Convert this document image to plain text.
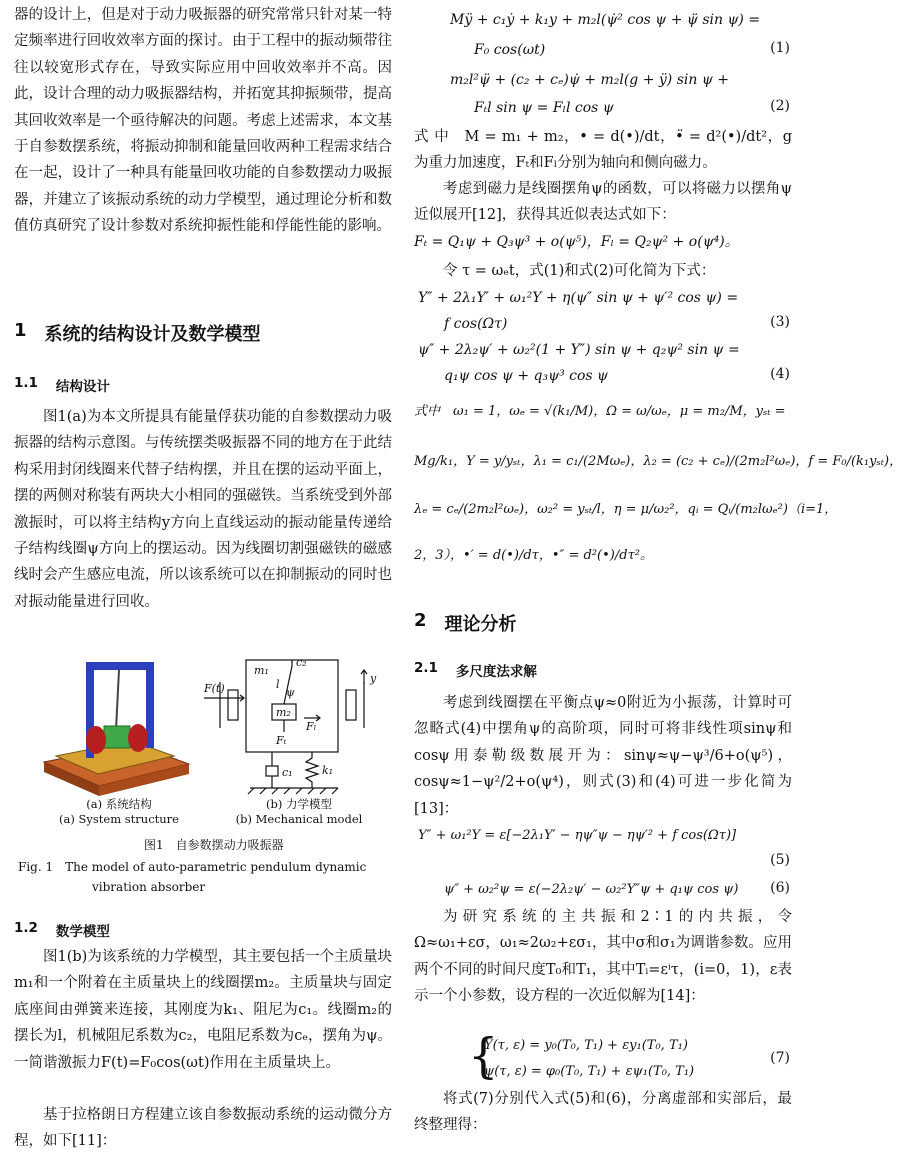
器的设计上，但是对于动力吸振器的研究常常只针对某一特定频率进行回收效率方面的探讨。由于工程中的振动频带往往以较宽形式存在，导致实际应用中回收效率并不高。因此，设计合理的动力吸振器结构，并拓宽其抑振频带，提高其回收效率是一个亟待解决的问题。考虑上述需求，本文基于自参数摆系统，将振动抑制和能量回收两种工程需求结合在一起，设计了一种具有能量回收功能的自参数摆动力吸振器，并建立了该振动系统的动力学模型，通过理论分析和数值仿真研究了设计参数对系统抑振性能和俘能性能的影响。

1 系统的结构设计及数学模型
1.1 结构设计

图1(a)为本文所提具有能量俘获功能的自参数摆动力吸振器的结构示意图。与传统摆类吸振器不同的地方在于此结构采用封闭线圈来代替子结构摆，并且在摆的运动平面上，摆的两侧对称装有两块大小相同的强磁铁。当系统受到外部激振时，可以将主结构y方向上直线运动的振动能量传递给子结构线圈ψ方向上的摆运动。因为线圈切割强磁铁的磁感线时会产生感应电流，所以该系统可以在抑制振动的同时也对振动能量进行回收。

m₁
c₂
l
ψ
m₂
Fₗ
Fₜ
F(t)
y
c₁	k₁
(a) 系统结构
(a) System structure
(b) 力学模型
(b) Mechanical model
图1　自参数摆动力吸振器
Fig. 1　The model of auto-parametric pendulum dynamic
vibration absorber
1.2 数学模型

图1(b)为该系统的力学模型，其主要包括一个主质量块m₁和一个附着在主质量块上的线圈摆m₂。主质量块与固定底座间由弹簧来连接，其刚度为k₁、阻尼为c₁。线圈m₂的摆长为l，机械阻尼系数为c₂，电阻尼系数为cₑ，摆角为ψ。一简谐激振力F(t)=F₀cos(ωt)作用在主质量块上。

基于拉格朗日方程建立该自参数振动系统的运动微分方程，如下[11]：

Mÿ + c₁ẏ + k₁y + m₂l(ψ̇² cos ψ + ψ̈ sin ψ) =
F₀ cos(ωt)	(1)
m₂l²ψ̈ + (c₂ + cₑ)ψ̇ + m₂l(g + ÿ) sin ψ +
Fₜl sin ψ = Fₗl cos ψ	(2)

式 中　M = m₁ + m₂，• = d(•)/dt，•̈ = d²(•)/dt²，g为重力加速度，Fₜ和Fₗ分别为轴向和侧向磁力。

考虑到磁力是线圈摆角ψ的函数，可以将磁力以摆角ψ近似展开[12]，获得其近似表达式如下：

Fₜ = Q₁ψ + Q₃ψ³ + o(ψ⁵)，Fₗ = Q₂ψ² + o(ψ⁴)。

令 τ = ωₑt，式(1)和式(2)可化简为下式：

Y″ + 2λ₁Y′ + ω₁²Y + η(ψ″ sin ψ + ψ′² cos ψ) =
f cos(Ωτ)	(3)
ψ″ + 2λ₂ψ′ + ω₂²(1 + Y″) sin ψ + q₂ψ² sin ψ =
q₁ψ cos ψ + q₃ψ³ cos ψ	(4)
式中　ω₁ = 1，ωₑ = √(k₁/M)，Ω = ω/ωₑ，μ = m₂/M，yₛₜ =
Mg/k₁，Y = y/yₛₜ，λ₁ = c₁/(2Mωₑ)，λ₂ = (c₂ + cₑ)/(2m₂l²ωₑ)，f = F₀/(k₁yₛₜ)，
λₑ = cₑ/(2m₂l²ωₑ)，ω₂² = yₛₜ/l，η = μ/ω₂²，qᵢ = Qᵢ/(m₂lωₑ²)（i=1，
2，3），•′ = d(•)/dτ，•″ = d²(•)/dτ²。
2 理论分析
2.1 多尺度法求解

考虑到线圈摆在平衡点ψ≈0附近为小振荡，计算时可忽略式(4)中摆角ψ的高阶项，同时可将非线性项sinψ和cosψ用泰勒级数展开为：sinψ≈ψ−ψ³/6+o(ψ⁵)，cosψ≈1−ψ²/2+o(ψ⁴)，则式(3)和(4)可进一步化简为[13]：

Y″ + ω₁²Y = ε[−2λ₁Y′ − ηψ″ψ − ηψ′² + f cos(Ωτ)]
(5)
ψ″ + ω₂²ψ = ε(−2λ₂ψ′ − ω₂²Y″ψ + q₁ψ cos ψ) (6)

为研究系统的主共振和2∶1的内共振，令Ω≈ω₁+εσ，ω₁≈2ω₂+εσ₁，其中σ和σ₁为调谐参数。应用两个不同的时间尺度T₀和T₁，其中Tᵢ=εⁱτ，(i=0，1)，ε表示一个小参数，设方程的一次近似解为[14]：

{
Y(τ, ε) = y₀(T₀, T₁) + εy₁(T₀, T₁)
ψ(τ, ε) = φ₀(T₀, T₁) + εψ₁(T₀, T₁)
(7)

将式(7)分别代入式(5)和(6)，分离虚部和实部后，最终整理得：
